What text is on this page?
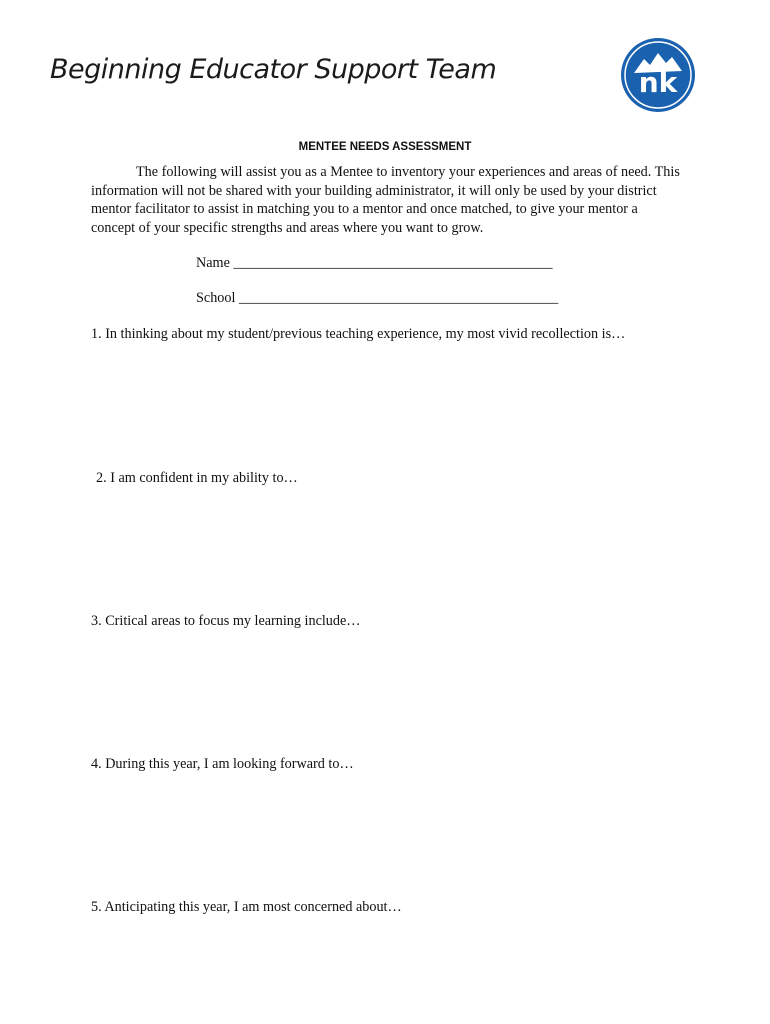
Beginning Educator Support Team	nk
MENTEE NEEDS ASSESSMENT
The following will assist you as a Mentee to inventory your experiences and areas of need. This information will not be shared with your building administrator, it will only be used by your district mentor facilitator to assist in matching you to a mentor and once matched, to give your mentor a concept of your specific strengths and areas where you want to grow.
Name _____________________________________________
School _____________________________________________
1. In thinking about my student/previous teaching experience, my most vivid recollection is…
2. I am confident in my ability to…
3. Critical areas to focus my learning include…
4. During this year, I am looking forward to…
5. Anticipating this year, I am most concerned about…
